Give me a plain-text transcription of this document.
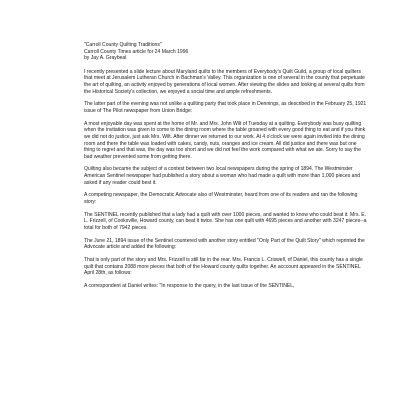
"Carroll County Quilting Traditions"

Carroll County Times article for 24 March 1996

by Jay A. Graybeal

I recently presented a slide lecture about Maryland quilts to the members of Everybody's Quilt Guild, a group of local quilters that meet at Jerusalem Lutheran Church in Bachman's Valley. This organization is one of several in the county that perpetuate the art of quilting, an activity enjoyed by generations of local women. After viewing the slides and looking at several quilts from the Historical Society's collection, we enjoyed a social time and ample refreshments.

The latter part of the evening was not unlike a quilting party that took place in Dennings, as described in the February 25, 1921 issue of The Pilot newspaper from Union Bridge:

A most enjoyable day was spent at the home of Mr. and Mrs. John Wilt of Tuesday at a quilting. Everybody was busy quilting when the invitation was given to come to the dining room where the table groaned with every good thing to eat and if you think we did not do justice, just ask Mrs. Wilt. After dinner we returned to our work. At 4 o'clock we were again invited into the dining room and there the table was loaded with cakes, candy, nuts, oranges and ice cream. All did justice and there was but one thing to regret and that was, the day was too short and we did not feel the work compared with what we ate. Sorry to say the bad weather prevented some from getting there.

Quilting also became the subject of a contest between two local newspapers during the spring of 1894. The Westminster American Sentinel newspaper had published a story about a woman who had made a quilt with more than 1,000 pieces and asked if any reader could best it.

A competing newspaper, the Democratic Advocate also of Westminster, heard from one of its readers and ran the following story:

The SENTINEL recently published that a lady had a quilt with over 1000 pieces, and wanted to know who could beat it. Mrs. E. L. Frizzell, of Cooksville, Howard county, can beat it twice. She has one quilt with 4695 pieces and another with 3247 pieces--a total for both of 7942 pieces.

The June 21, 1894 issue of the Sentinel countered with another story entitled "Only Part of the Quilt Story" which reprinted the Advocate article and added the following:

That is only part of the story and Mrs. Frizzell is still far in the rear. Mrs. Francis L. Criswell, of Daniel, this county has a single quilt that contains 2088 more pieces that both of the Howard county quilts together. An acccount appeared in the SENTINEL April 28th, as follows:

A correspondent at Daniel writes: "In response to the query, in the last issue of the SENTINEL,
